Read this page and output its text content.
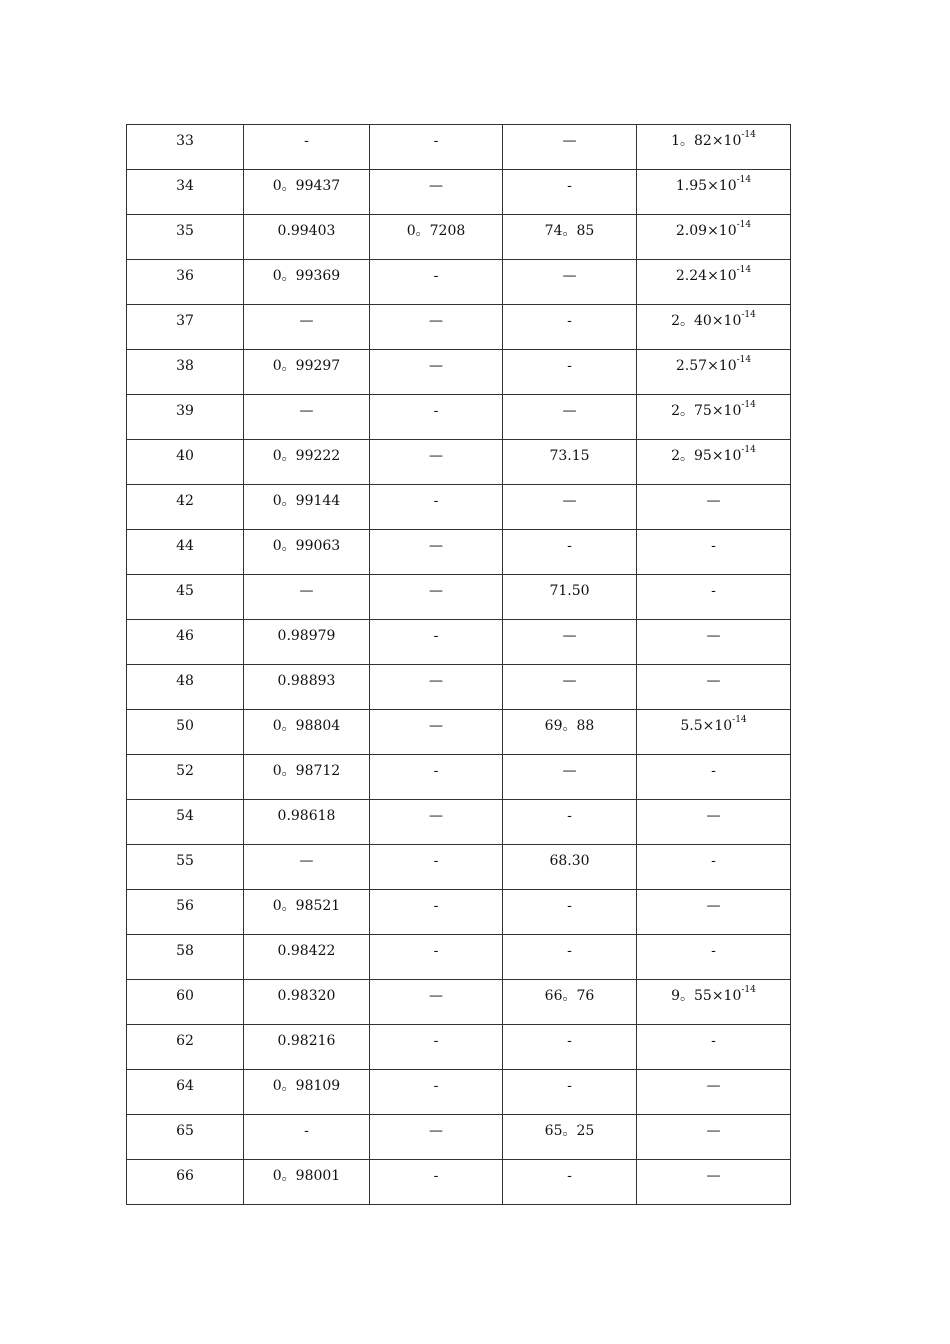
33	-	-	—	1。$82\times 10^{-14}$
34	0。99437	—	-	$1.95\times 10^{-14}$
35	0.99403	0。7208	74。85	$2.09\times 10^{-14}$
36	0。99369	-	—	$2.24\times 10^{-14}$
37	—	—	-	2。$40\times 10^{-14}$
38	0。99297	—	-	$2.57\times 10^{-14}$
39	—	-	—	2。$75\times 10^{-14}$
40	0。99222	—	73.15	2。$95\times 10^{-14}$
42	0。99144	-	—	—
44	0。99063	—	-	-
45	—	—	71.50	-
46	0.98979	-	—	—
48	0.98893	—	—	—
50	0。98804	—	69。88	$5.5\times 10^{-14}$
52	0。98712	-	—	-
54	0.98618	—	-	—
55	—	-	68.30	-
56	0。98521	-	-	—
58	0.98422	-	-	-
60	0.98320	—	66。76	9。$55\times 10^{-14}$
62	0.98216	-	-	-
64	0。98109	-	-	—
65	-	—	65。25	—
66	0。98001	-	-	—
